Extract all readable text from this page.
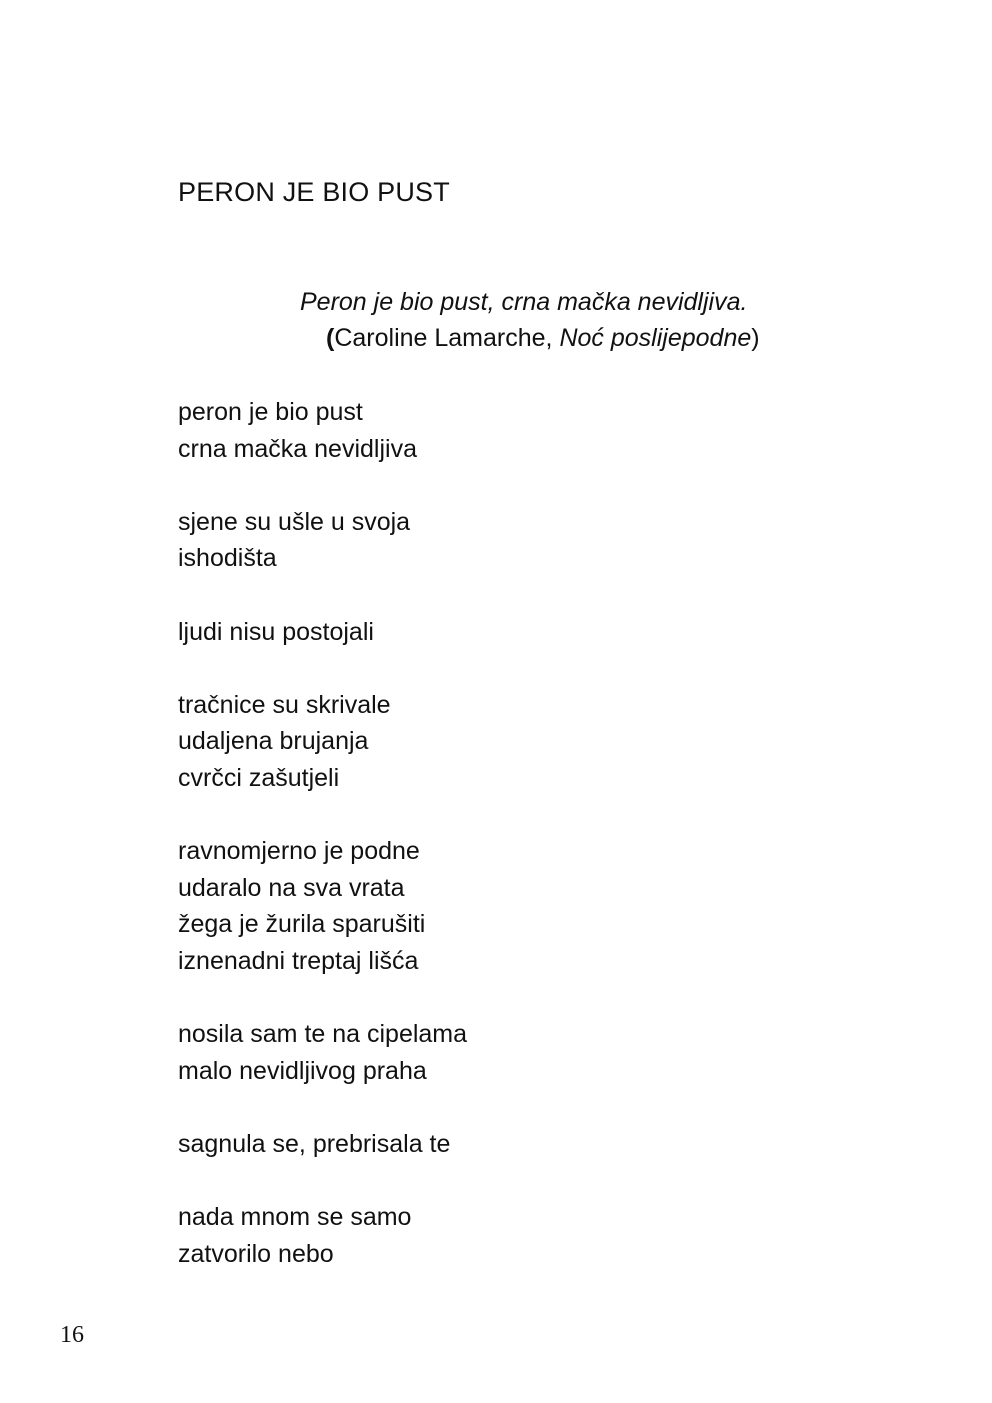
PERON JE BIO PUST
Peron je bio pust, crna mačka nevidljiva.
(Caroline Lamarche, Noć poslijepodne)
peron je bio pust
crna mačka nevidljiva
sjene su ušle u svoja
ishodišta
ljudi nisu postojali
tračnice su skrivale
udaljena brujanja
cvrčci zašutjeli
ravnomjerno je podne
udaralo na sva vrata
žega je žurila sparušiti
iznenadni treptaj lišća
nosila sam te na cipelama
malo nevidljivog praha
sagnula se, prebrisala te
nada mnom se samo
zatvorilo nebo
16
